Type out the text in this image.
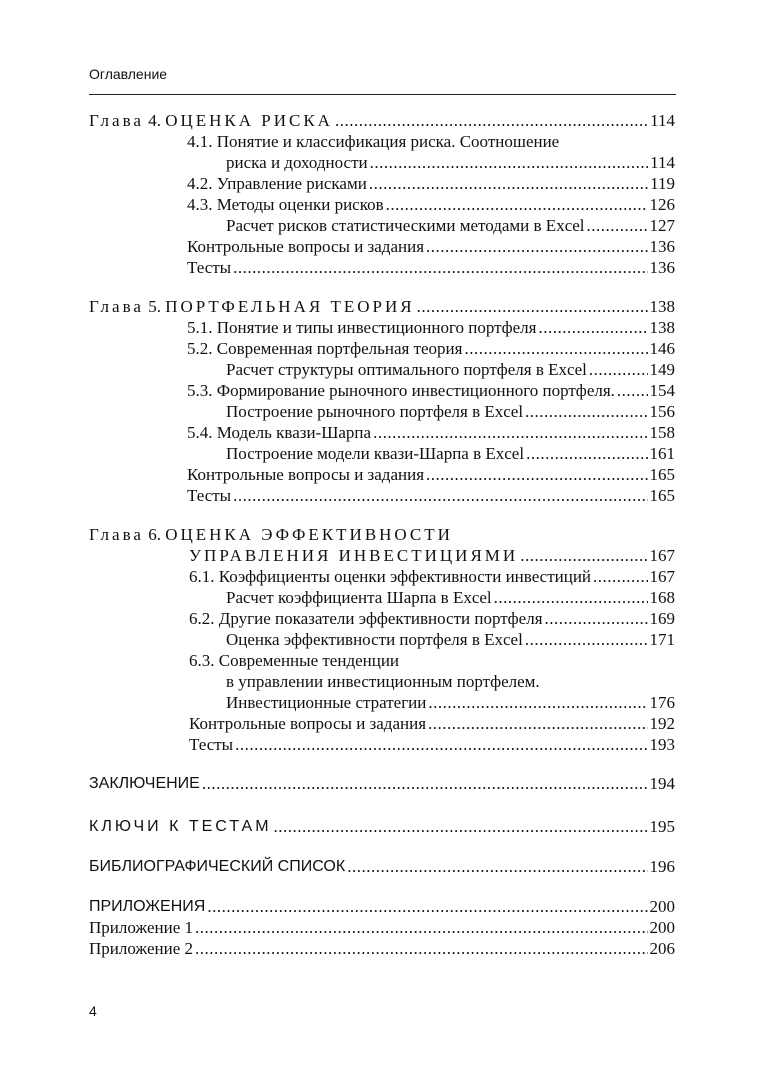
Оглавление
Глава 4. ОЦЕНКА РИСКА .....	114
4.1. Понятие и классификация риска. Соотношение
риска и доходности .....	114
4.2. Управление рисками .....	119
4.3. Методы оценки рисков .....	126
Расчет рисков статистическими методами в Excel .....	127
Контрольные вопросы и задания .....	136
Тесты .....	136
Глава 5. ПОРТФЕЛЬНАЯ ТЕОРИЯ .....	138
5.1. Понятие и типы инвестиционного портфеля .....	138
5.2. Современная портфельная теория .....	146
Расчет структуры оптимального портфеля в Excel .....	149
5.3. Формирование рыночного инвестиционного портфеля. ..... 154
Построение рыночного портфеля в Excel .....	156
5.4. Модель квази-Шарпа .....	158
Построение модели квази-Шарпа в Excel .....	161
Контрольные вопросы и задания .....	165
Тесты .....	165
Глава 6. ОЦЕНКА ЭФФЕКТИВНОСТИ
УПРАВЛЕНИЯ ИНВЕСТИЦИЯМИ .....	167
6.1. Коэффициенты оценки эффективности инвестиций .....	167
Расчет коэффициента Шарпа в Excel .....	168
6.2. Другие показатели эффективности портфеля .....	169
Оценка эффективности портфеля в Excel .....	171
6.3. Современные тенденции
в управлении инвестиционным портфелем.
Инвестиционные стратегии .....	176
Контрольные вопросы и задания .....	192
Тесты .....	193
ЗАКЛЮЧЕНИЕ .....	194
КЛЮЧИ К ТЕСТАМ .....	195
БИБЛИОГРАФИЧЕСКИЙ СПИСОК .....	196
ПРИЛОЖЕНИЯ .....	200
Приложение 1 .....	200
Приложение 2 .....	206
4
